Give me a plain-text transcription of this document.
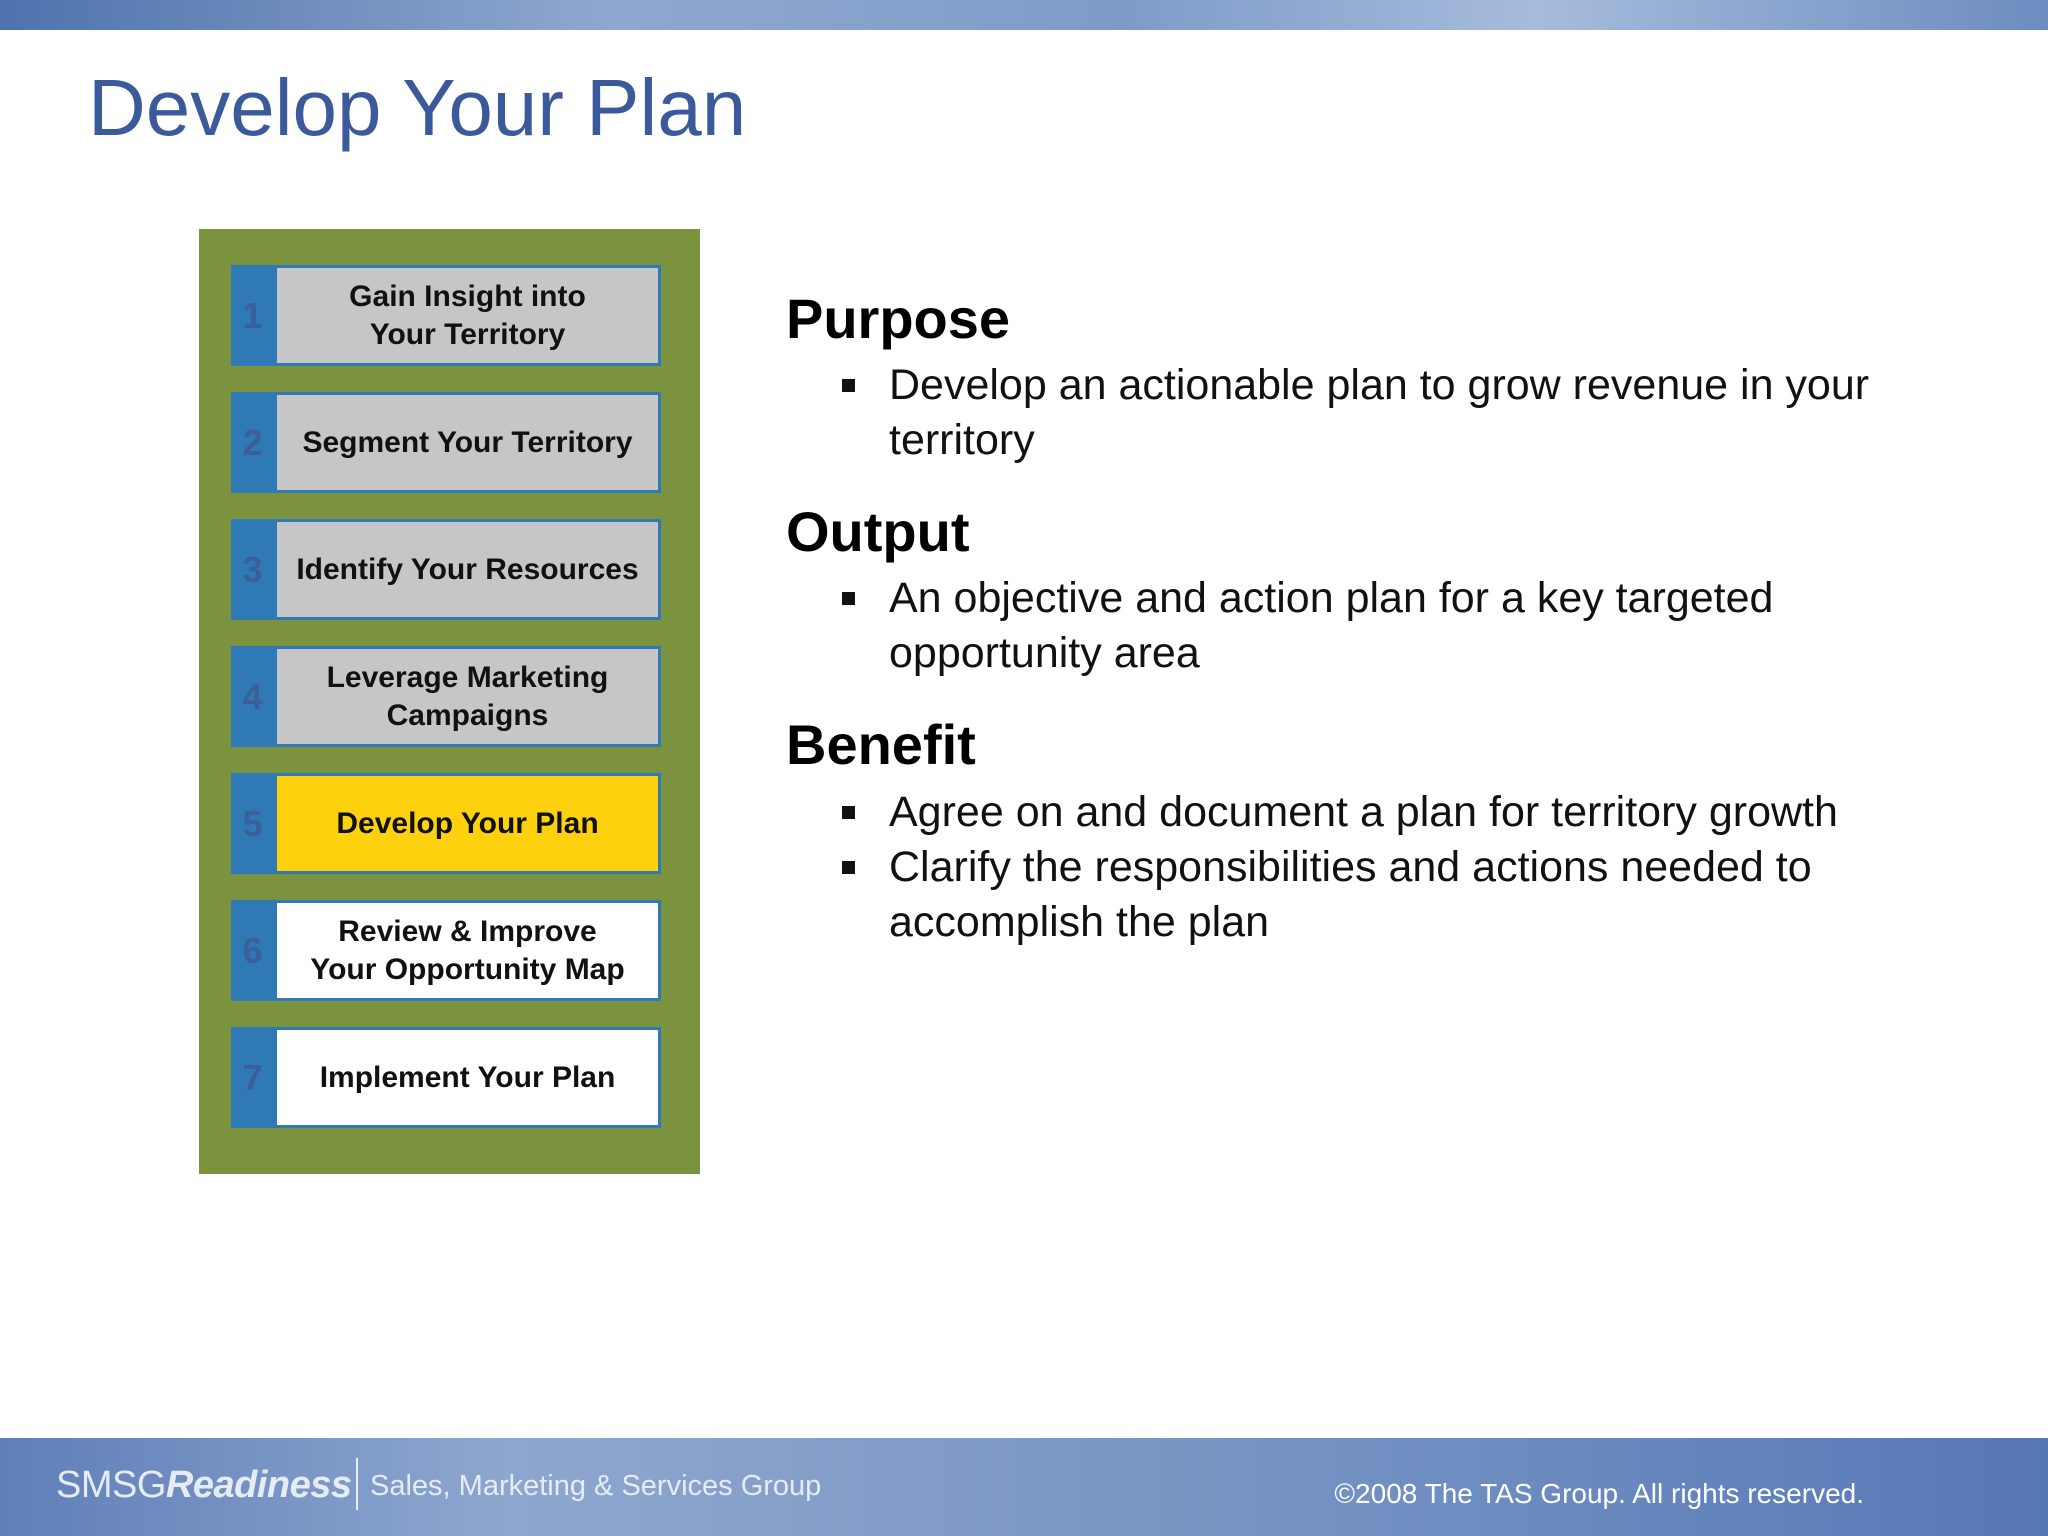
Develop Your Plan
1	Gain Insight into
Your Territory
2	Segment Your Territory
3	Identify Your Resources
4	Leverage Marketing
Campaigns
5	Develop Your Plan
6	Review & Improve
Your Opportunity Map
7	Implement Your Plan
Purpose
Develop an actionable plan to grow revenue in your territory
Output
An objective and action plan for a key targeted opportunity area
Benefit
Agree on and document a plan for territory growth
Clarify the responsibilities and actions needed to accomplish the plan
SMSGReadiness Sales, Marketing & Services Group	©2008 The TAS Group. All rights reserved.
